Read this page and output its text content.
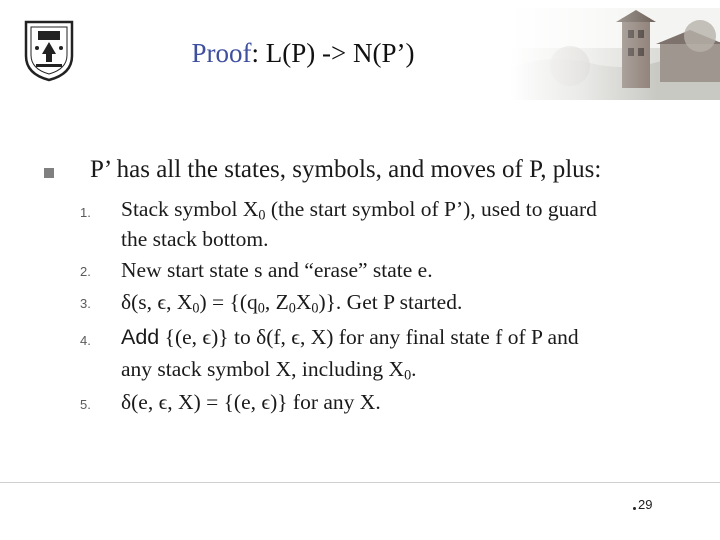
Proof: L(P) -> N(P’)
P’ has all the states, symbols, and moves of P, plus:
1. Stack symbol $X_0$ (the start symbol of P’), used to guard
the stack bottom.
2. New start state s and “erase” state e.
3. δ(s, ϵ, $X_0) = \{(q_0$, $Z_0X_0$)}. Get P started.
4. Add {(e, ϵ)} to δ(f, ϵ, X) for any final state f of P and
any stack symbol X, including $X_0$.
5. δ(e, ϵ, X) = {(e, ϵ)} for any X.
29
